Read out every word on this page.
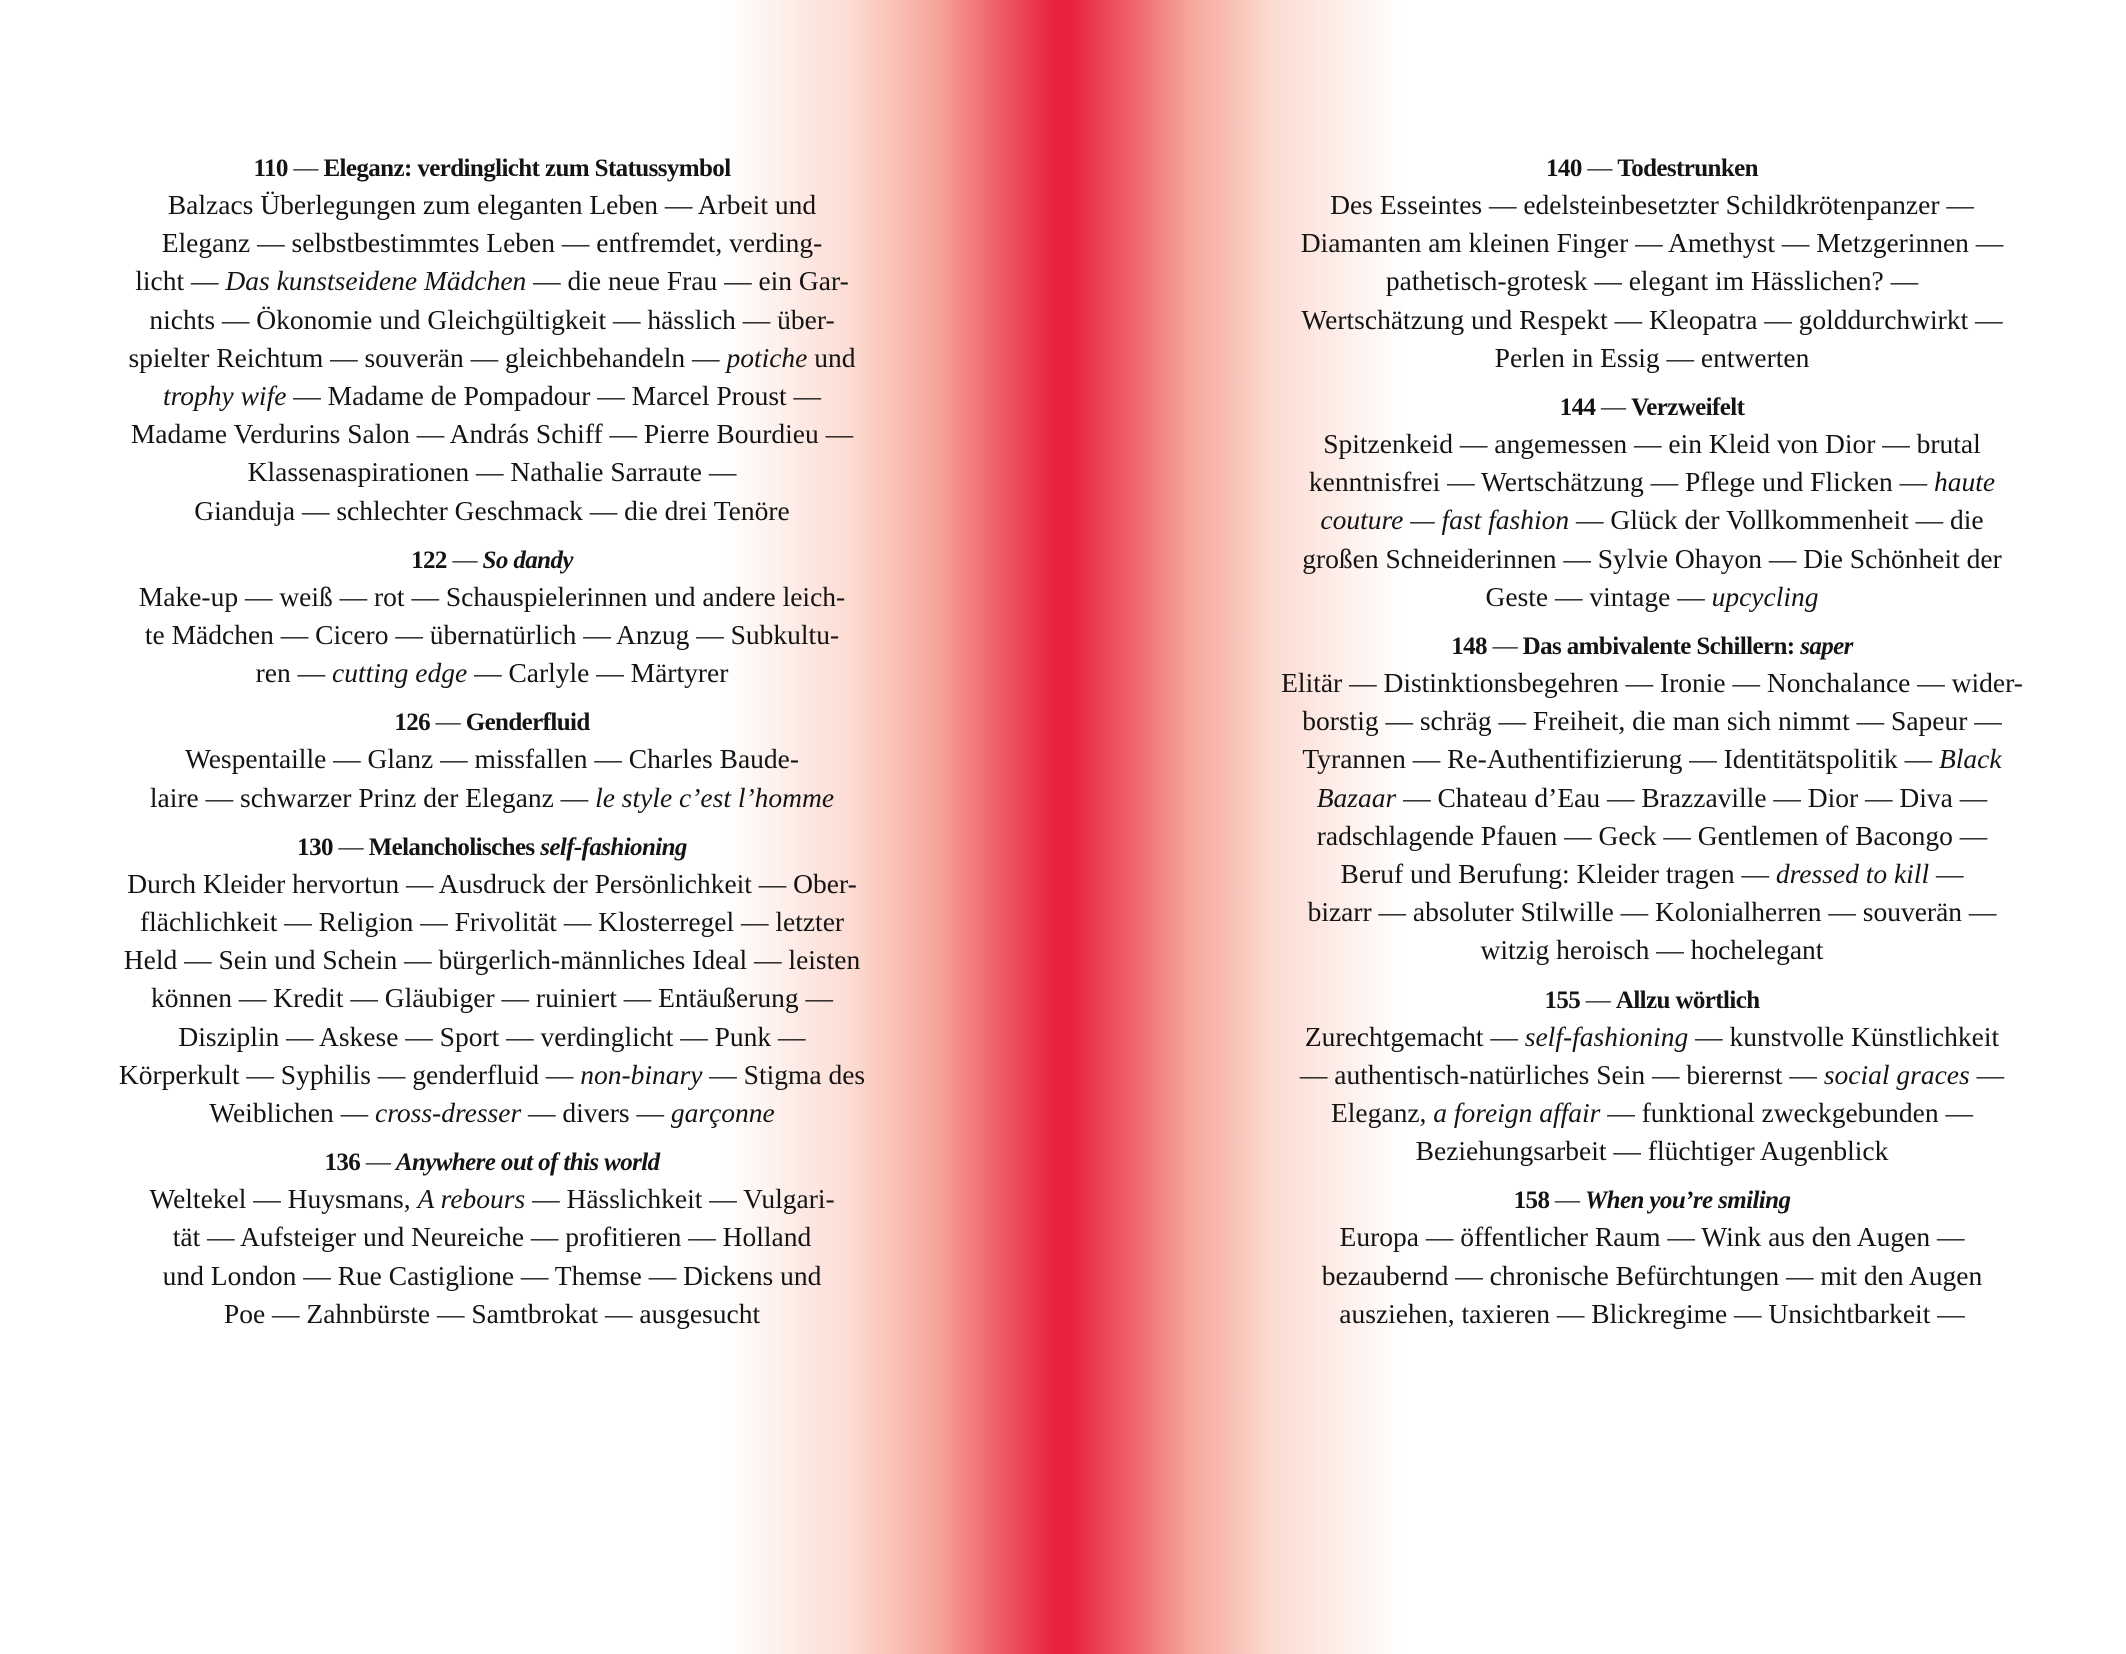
110 — Eleganz: verdinglicht zum Statussymbol
Balzacs Überlegungen zum eleganten Leben — Arbeit und
Eleganz — selbstbestimmtes Leben — entfremdet, verding-
licht — Das kunstseidene Mädchen — die neue Frau — ein Gar-
nichts — Ökonomie und Gleichgültigkeit — hässlich — über-
spielter Reichtum — souverän — gleichbehandeln — potiche und
trophy wife — Madame de Pompadour — Marcel Proust —
Madame Verdurins Salon — András Schiff — Pierre Bourdieu —
Klassenaspirationen — Nathalie Sarraute —
Gianduja — schlechter Geschmack — die drei Tenöre
122 — So dandy
Make-up — weiß — rot — Schauspielerinnen und andere leich-
te Mädchen — Cicero — übernatürlich — Anzug — Subkultu-
ren — cutting edge — Carlyle — Märtyrer
126 — Genderfluid
Wespentaille — Glanz — missfallen — Charles Baude-
laire — schwarzer Prinz der Eleganz — le style c’est l’homme
130 — Melancholisches self-fashioning
Durch Kleider hervortun — Ausdruck der Persönlichkeit — Ober-
flächlichkeit — Religion — Frivolität — Klosterregel — letzter
Held — Sein und Schein — bürgerlich-männliches Ideal — leisten
können — Kredit — Gläubiger — ruiniert — Entäußerung —
Disziplin — Askese — Sport — verdinglicht — Punk —
Körperkult — Syphilis — genderfluid — non-binary — Stigma des
Weiblichen — cross-dresser — divers — garçonne
136 — Anywhere out of this world
Weltekel — Huysmans, A rebours — Hässlichkeit — Vulgari-
tät — Aufsteiger und Neureiche — profitieren — Holland
und London — Rue Castiglione — Themse — Dickens und
Poe — Zahnbürste — Samtbrokat — ausgesucht
140 — Todestrunken
Des Esseintes — edelsteinbesetzter Schildkrötenpanzer —
Diamanten am kleinen Finger — Amethyst — Metzgerinnen —
pathetisch-grotesk — elegant im Hässlichen? —
Wertschätzung und Respekt — Kleopatra — golddurchwirkt —
Perlen in Essig — entwerten
144 — Verzweifelt
Spitzenkeid — angemessen — ein Kleid von Dior — brutal
kenntnisfrei — Wertschätzung — Pflege und Flicken — haute
couture — fast fashion — Glück der Vollkommenheit — die
großen Schneiderinnen — Sylvie Ohayon — Die Schönheit der
Geste — vintage — upcycling
148 — Das ambivalente Schillern: saper
Elitär — Distinktionsbegehren — Ironie — Nonchalance — wider-
borstig — schräg — Freiheit, die man sich nimmt — Sapeur —
Tyrannen — Re-Authentifizierung — Identitätspolitik — Black
Bazaar — Chateau d’Eau — Brazzaville — Dior — Diva —
radschlagende Pfauen — Geck — Gentlemen of Bacongo —
Beruf und Berufung: Kleider tragen — dressed to kill —
bizarr — absoluter Stilwille — Kolonialherren — souverän —
witzig heroisch — hochelegant
155 — Allzu wörtlich
Zurechtgemacht — self-fashioning — kunstvolle Künstlichkeit
— authentisch-natürliches Sein — bierernst — social graces —
Eleganz, a foreign affair — funktional zweckgebunden —
Beziehungsarbeit — flüchtiger Augenblick
158 — When you’re smiling
Europa — öffentlicher Raum — Wink aus den Augen —
bezaubernd — chronische Befürchtungen — mit den Augen
ausziehen, taxieren — Blickregime — Unsichtbarkeit —
